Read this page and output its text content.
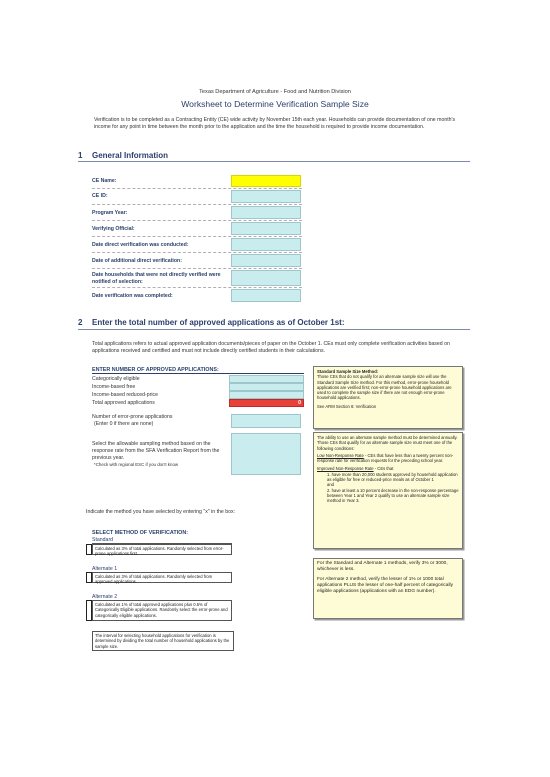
Texas Department of Agriculture - Food and Nutrition Division
Worksheet to Determine Verification Sample Size
Verification is to be completed as a Contracting Entity (CE) wide activity by November 15th each year. Households can provide documentation of one month's income for any point in time between the month prior to the application and the time the household is required to provide income documentation.
1 General Information
CE Name:
CE ID:
Program Year:
Verifying Official:
Date direct verification was conducted:
Date of additional direct verification:
Date households that were not directly verified were notified of selection:
Date verification was completed:
2 Enter the total number of approved applications as of October 1st:
Total applications refers to actual approved application documents/pieces of paper on the October 1. CEs must only complete verification activities based on applications received and certified and must not include directly certified students in their calculations.
ENTER NUMBER OF APPROVED APPLICATIONS:
Categorically eligible
Income-based free
Income-based reduced-price
Total approved applications	0
Number of error-prone applications
(Enter 0 if there are none)
Select the allowable sampling method based on the response rate from the SFA Verification Report from the previous year.
*Check with regional ESC if you don't know
Indicate the method you have selected by entering "x" in the box:
SELECT METHOD OF VERIFICATION:
Standard
Calculated as 3% of total applications. Randomly selected from error-prone applications first.
Alternate 1
Calculated as 3% of total applications. Randomly selected from approved applications.
Alternate 2
Calculated as 1% of total approved applications plus 0.5% of Categorically Eligible applications. Randomly select the error-prone and categorically eligible applications.
The interval for selecting household applications for verification is determined by dividing the total number of household applications by the sample size.
Standard Sample Size Method:
Those CEs that do not qualify for an alternate sample size will use the Standard Sample Size method. For this method, error-prone household applications are verified first; non-error-prone household applications are used to complete the sample size if there are not enough error-prone household applications.
See ARM Section 6: Verification
The ability to use an alternate sample method must be determined annually. Those CEs that qualify for an alternate sample size must meet one of the following conditions:
Low Non-Response Rate - CEs that have less than a twenty percent non-response rate for verification requests for the preceding school year.
Improved Non-Response Rate - CEs that
1. have more than 20,000 students approved by household application as eligible for free or reduced-price meals as of October 1
and
2. have at least a 10 percent decrease in the non-response percentage between Year 1 and Year 2 qualify to use an alternate sample size method in Year 3.
For the Standard and Alternate 1 methods, verify 3% or 3000, whichever is less.
For Alternate 2 method, verify the lesser of 1% or 1000 total applications PLUS the lesser of one-half percent of categorically eligible applications (applications with an EDG number).
